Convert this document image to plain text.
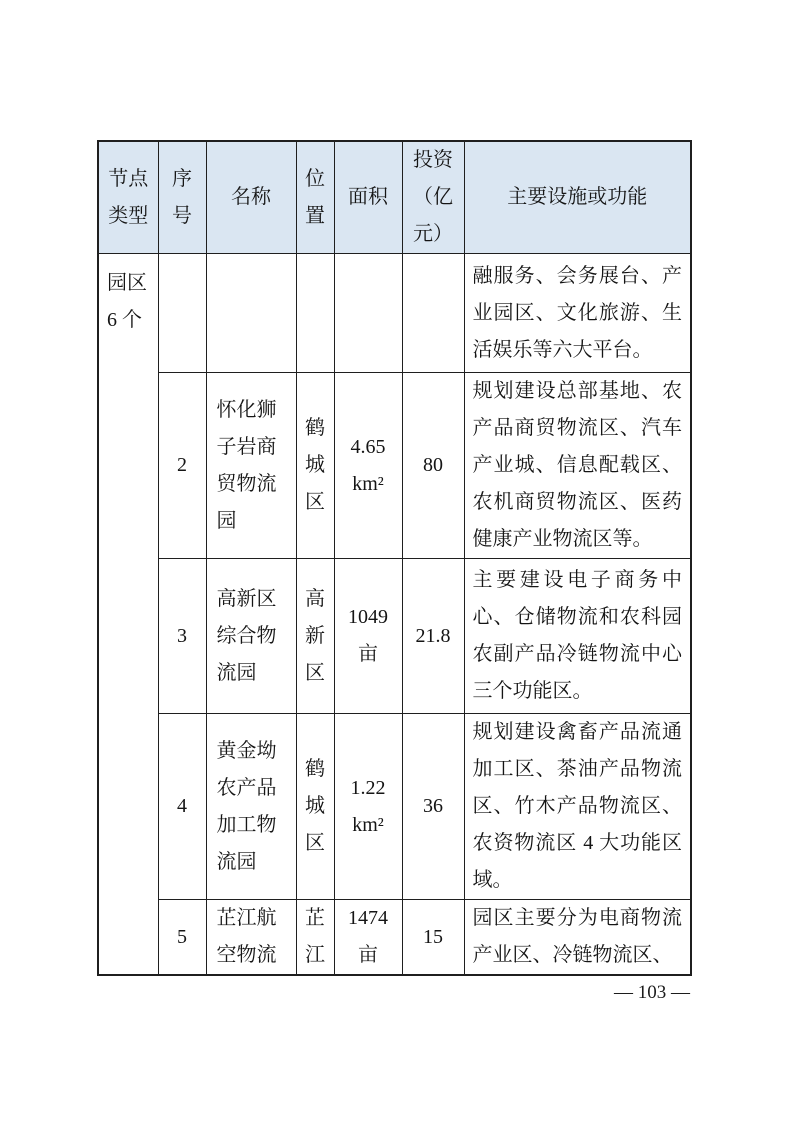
节点类型	序号	名称	位置	面积	投资（亿元）	主要设施或功能
园区 6 个						融服务、会务展台、产业园区、文化旅游、生活娱乐等六大平台。
	2	怀化狮子岩商贸物流园	鹤城区	4.65 km²	80	规划建设总部基地、农产品商贸物流区、汽车产业城、信息配载区、农机商贸物流区、医药健康产业物流区等。
	3	高新区综合物流园	高新区	1049亩	21.8	主要建设电子商务中心、仓储物流和农科园农副产品冷链物流中心三个功能区。
	4	黄金坳农产品加工物流园	鹤城区	1.22 km²	36	规划建设禽畜产品流通加工区、茶油产品物流区、竹木产品物流区、农资物流区 4 大功能区域。
	5	芷江航空物流	芷江	1474亩	15	园区主要分为电商物流产业区、冷链物流区、
— 103 —
